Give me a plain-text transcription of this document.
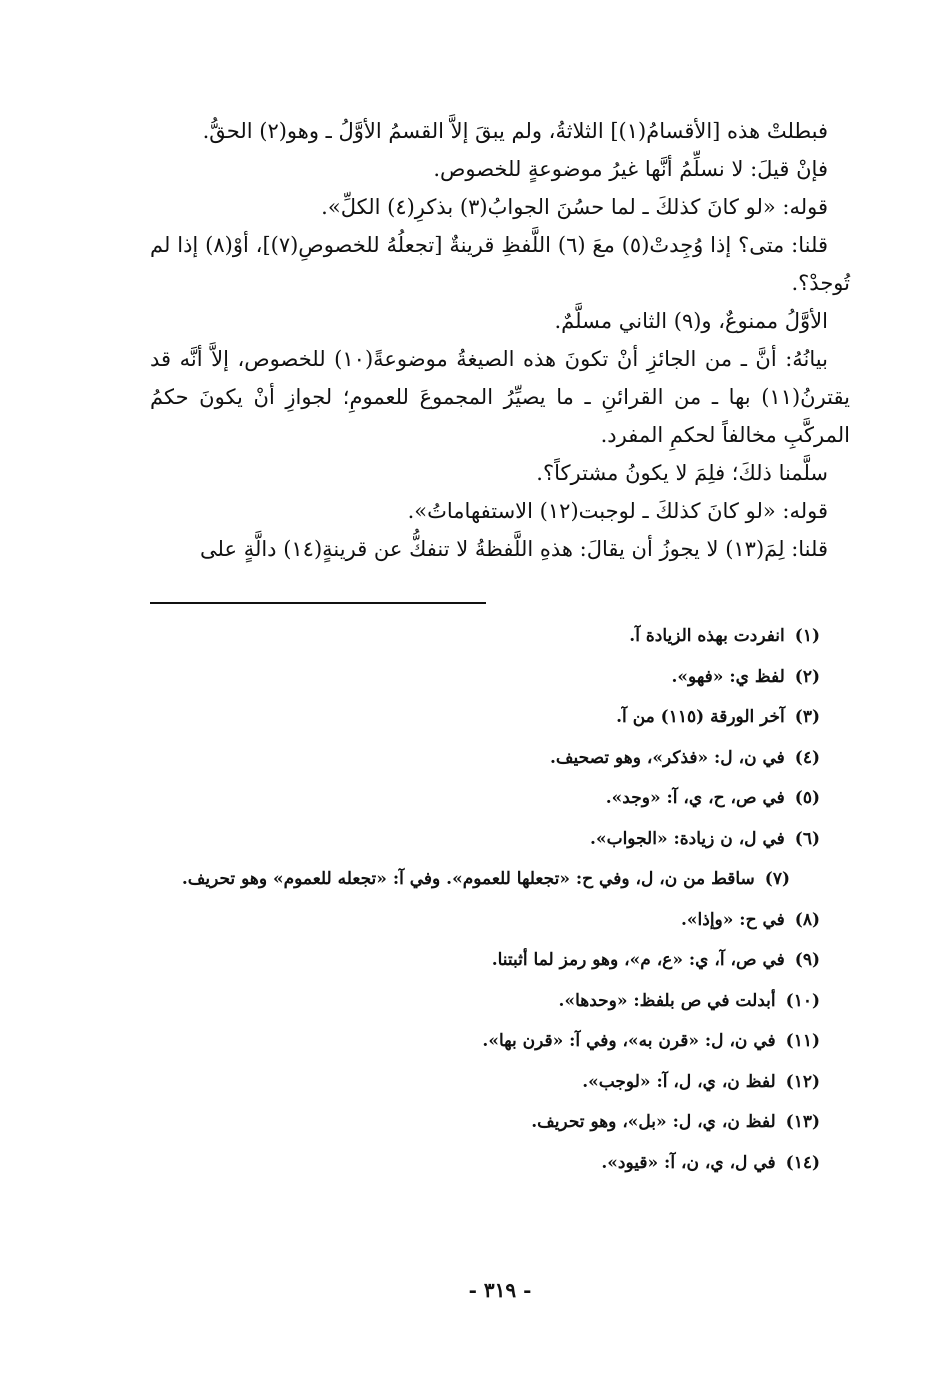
فبطلتْ هذه [الأقسامُ(١)] الثلاثةُ، ولم يبقَ إلاَّ القسمُ الأوَّلُ ـ وهو(٢) الحقُّ.

فإنْ قيلَ: لا نسلِّمُ أنَّها غيرُ موضوعةٍ للخصوص.

قوله: «لو كانَ كذلكَ ـ لما حسُنَ الجوابُ(٣) بذكرِ(٤) الكلِّ».

قلنا: متى؟ إذا وُجِدتْ(٥) معَ (٦) اللَّفظِ قرينةٌ [تجعلُهُ للخصوصِ(٧)]، أوْ(٨) إذا لم تُوجدْ؟.

الأوَّلُ ممنوعٌ، و(٩) الثاني مسلَّمٌ.

بيانُهُ: أنَّ ـ من الجائزِ أنْ تكونَ هذه الصيغةُ موضوعةً(١٠) للخصوص، إلاَّ أنَّه قد يقترنُ(١١) بها ـ من القرائنِ ـ ما يصيِّرُ المجموعَ للعمومِ؛ لجوازِ أنْ يكونَ حكمُ المركَّبِ مخالفاً لحكمِ المفرد.

سلَّمنا ذلكَ؛ فلِمَ لا يكونُ مشتركاً؟.

قوله: «لو كانَ كذلكَ ـ لوجبت(١٢) الاستفهاماتُ».

قلنا: لِمَ(١٣) لا يجوزُ أن يقالَ: هذهِ اللَّفظةُ لا تنفكُّ عن قرينةٍ(١٤) دالَّةٍ على

(١)انفردت بهذه الزيادة آ.

(٢)لفظ ي: «فهو».

(٣)آخر الورقة (١١٥) من آ.

(٤)في ن، ل: «فذكر»، وهو تصحيف.

(٥)في ص، ح، ي، آ: «وجد».

(٦)في ل، ن زيادة: «الجواب».

(٧)ساقط من ن، ل، وفي ح: «تجعلها للعموم». وفي آ: «تجعله للعموم» وهو تحريف.

(٨)في ح: «وإذا».

(٩)في ص، آ، ي: «ع، م»، وهو رمز لما أثبتنا.

(١٠)أبدلت في ص بلفظ: «وحدها».

(١١)في ن، ل: «قرن به»، وفي آ: «قرن بها».

(١٢)لفظ ن، ي، ل، آ: «لوجب».

(١٣)لفظ ن، ي، ل: «بل»، وهو تحريف.

(١٤)في ل، ي، ن، آ: «قيود».

- ٣١٩ -
